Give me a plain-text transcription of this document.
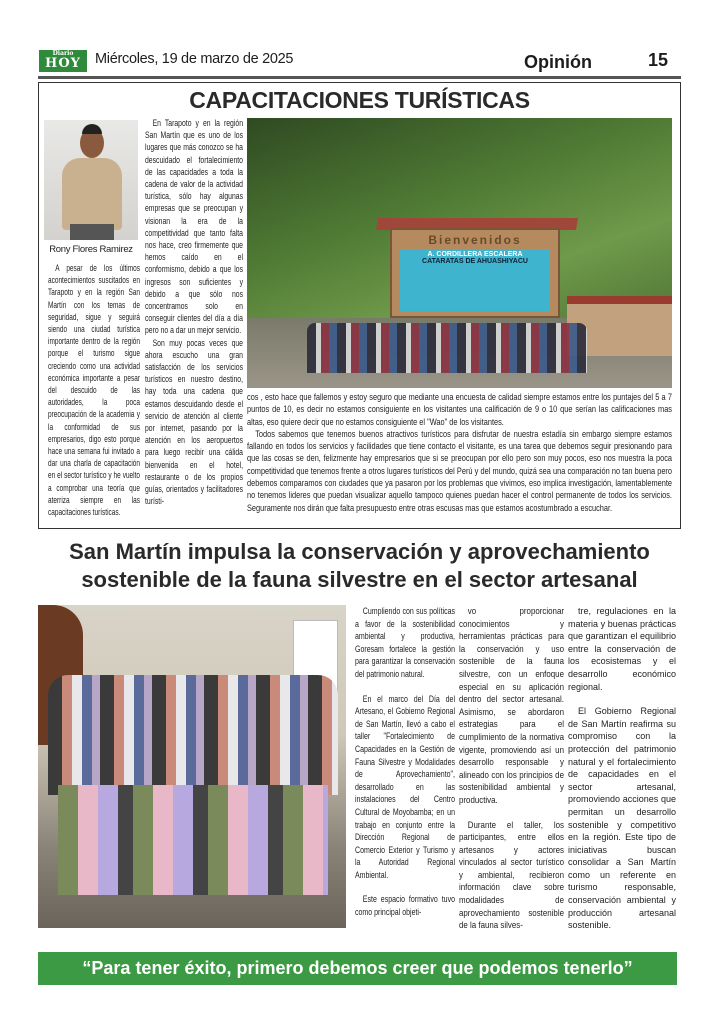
Diario
HOY Miércoles, 19 de marzo de 2025	Opinión	15
CAPACITACIONES TURÍSTICAS
Rony Flores Ramirez

A pesar de los últimos acontecimientos suscitados en Tarapoto y en la región San Martín con los temas de seguridad, sigue y seguirá siendo una ciudad turística importante dentro de la región porque el turismo sigue creciendo como una actividad económica importante a pesar del descuido de las autoridades, la poca preocupación de la academia y la conformidad de sus empresarios, digo esto porque hace una semana fui invitado a dar una charla de capacitación en el sector turístico y he vuelto a comprobar una teoría que aterriza siempre en las capacitaciones turísticas.

En Tarapoto y en la región San Martín que es uno de los lugares que más conozco se ha descuidado el fortalecimiento de las capacidades a toda la cadena de valor de la actividad turística, sólo hay algunas empresas que se preocupan y visionan la era de la competitividad que tanto falta nos hace, creo firmemente que hemos caído en el conformismo, debido a que los ingresos son suficientes y debido a que sólo nos concentramos solo en conseguir clientes del día a día pero no a dar un mejor servicio.

Son muy pocas veces que ahora escucho una gran satisfacción de los servicios turísticos en nuestro destino, hay toda una cadena que estamos descuidando desde el servicio de atención al cliente por internet, pasando por la atención en los aeropuertos para luego recibir una cálida bienvenida en el hotel, restaurante o de los propios guías, orientados y facilitadores turísti-

Bienvenidos
A. CORDILLERA ESCALERA
CATARATAS DE AHUASHIYACU

cos , esto hace que fallemos y estoy seguro que mediante una encuesta de calidad siempre estamos entre los puntajes del 5 a 7 puntos de 10, es decir no estamos consiguiente en los visitantes una calificación de 9 o 10 que serían las calificaciones mas altas, eso quiere decir que no estamos consiguiente el "Wao" de los visitantes.

Todos sabemos que tenemos buenos atractivos turísticos para disfrutar de nuestra estadía sin embargo siempre estamos fallando en todos los servicios y facilidades que tiene contacto el visitante, es una tarea que debemos seguir presionando para que las cosas se den, felizmente hay empresarios que si se preocupan por ello pero son muy pocos, eso nos muestra la poca competitividad que tenemos frente a otros lugares turísticos del Perú y del mundo, quizá sea una comparación no tan buena pero debemos comparamos con ciudades que ya pasaron por los problemas que vivimos, eso implica investigación, lamentablemente no tenemos lideres que puedan visualizar aquello tampoco quienes puedan hacer el control permanente de todos los servicios. Seguramente nos dirán que falta presupuesto entre otras escusas mas que estamos acostumbrado a escuchar.

San Martín impulsa la conservación y aprovechamiento sostenible de la fauna silvestre en el sector artesanal

Cumpliendo con sus políticas a favor de la sostenibilidad ambiental y productiva, Goresam fortalece la gestión para garantizar la conservación del patrimonio natural.

En el marco del Día del Artesano, el Gobierno Regional de San Martín, llevó a cabo el taller "Fortalecimiento de Capacidades en la Gestión de Fauna Silvestre y Modalidades de Aprovechamiento", desarrollado en las instalaciones del Centro Cultural de Moyobamba; en un trabajo en conjunto entre la Dirección Regional de Comercio Exterior y Turismo y la Autoridad Regional Ambiental.

Este espacio formativo tuvo como principal objeti-

vo proporcionar conocimientos y herramientas prácticas para la conservación y uso sostenible de la fauna silvestre, con un enfoque especial en su aplicación dentro del sector artesanal. Asimismo, se abordaron estrategias para el cumplimiento de la normativa vigente, promoviendo así un desarrollo responsable y alineado con los principios de sostenibilidad ambiental y productiva.

Durante el taller, los participantes, entre ellos artesanos y actores vinculados al sector turístico y ambiental, recibieron información clave sobre modalidades de aprovechamiento sostenible de la fauna silves-

tre, regulaciones en la materia y buenas prácticas que garantizan el equilibrio entre la conservación de los ecosistemas y el desarrollo económico regional.

El Gobierno Regional de San Martín reafirma su compromiso con la protección del patrimonio natural y el fortalecimiento de capacidades en el sector artesanal, promoviendo acciones que permitan un desarrollo sostenible y competitivo en la región. Este tipo de iniciativas buscan consolidar a San Martín como un referente en turismo responsable, conservación ambiental y producción artesanal sostenible.

“Para tener éxito, primero debemos creer que podemos tenerlo”
